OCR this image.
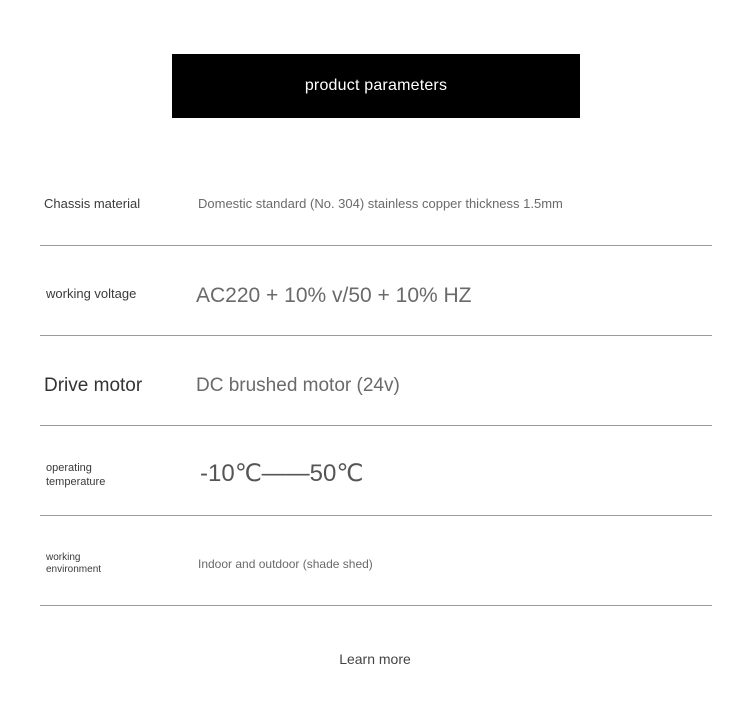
product parameters
Chassis material	Domestic standard (No. 304) stainless copper thickness 1.5mm
working voltage	AC220 + 10% v/50 + 10% HZ
Drive motor	DC brushed motor (24v)
operating temperature	-10℃——50℃
working environment	Indoor and outdoor (shade shed)
Learn more
